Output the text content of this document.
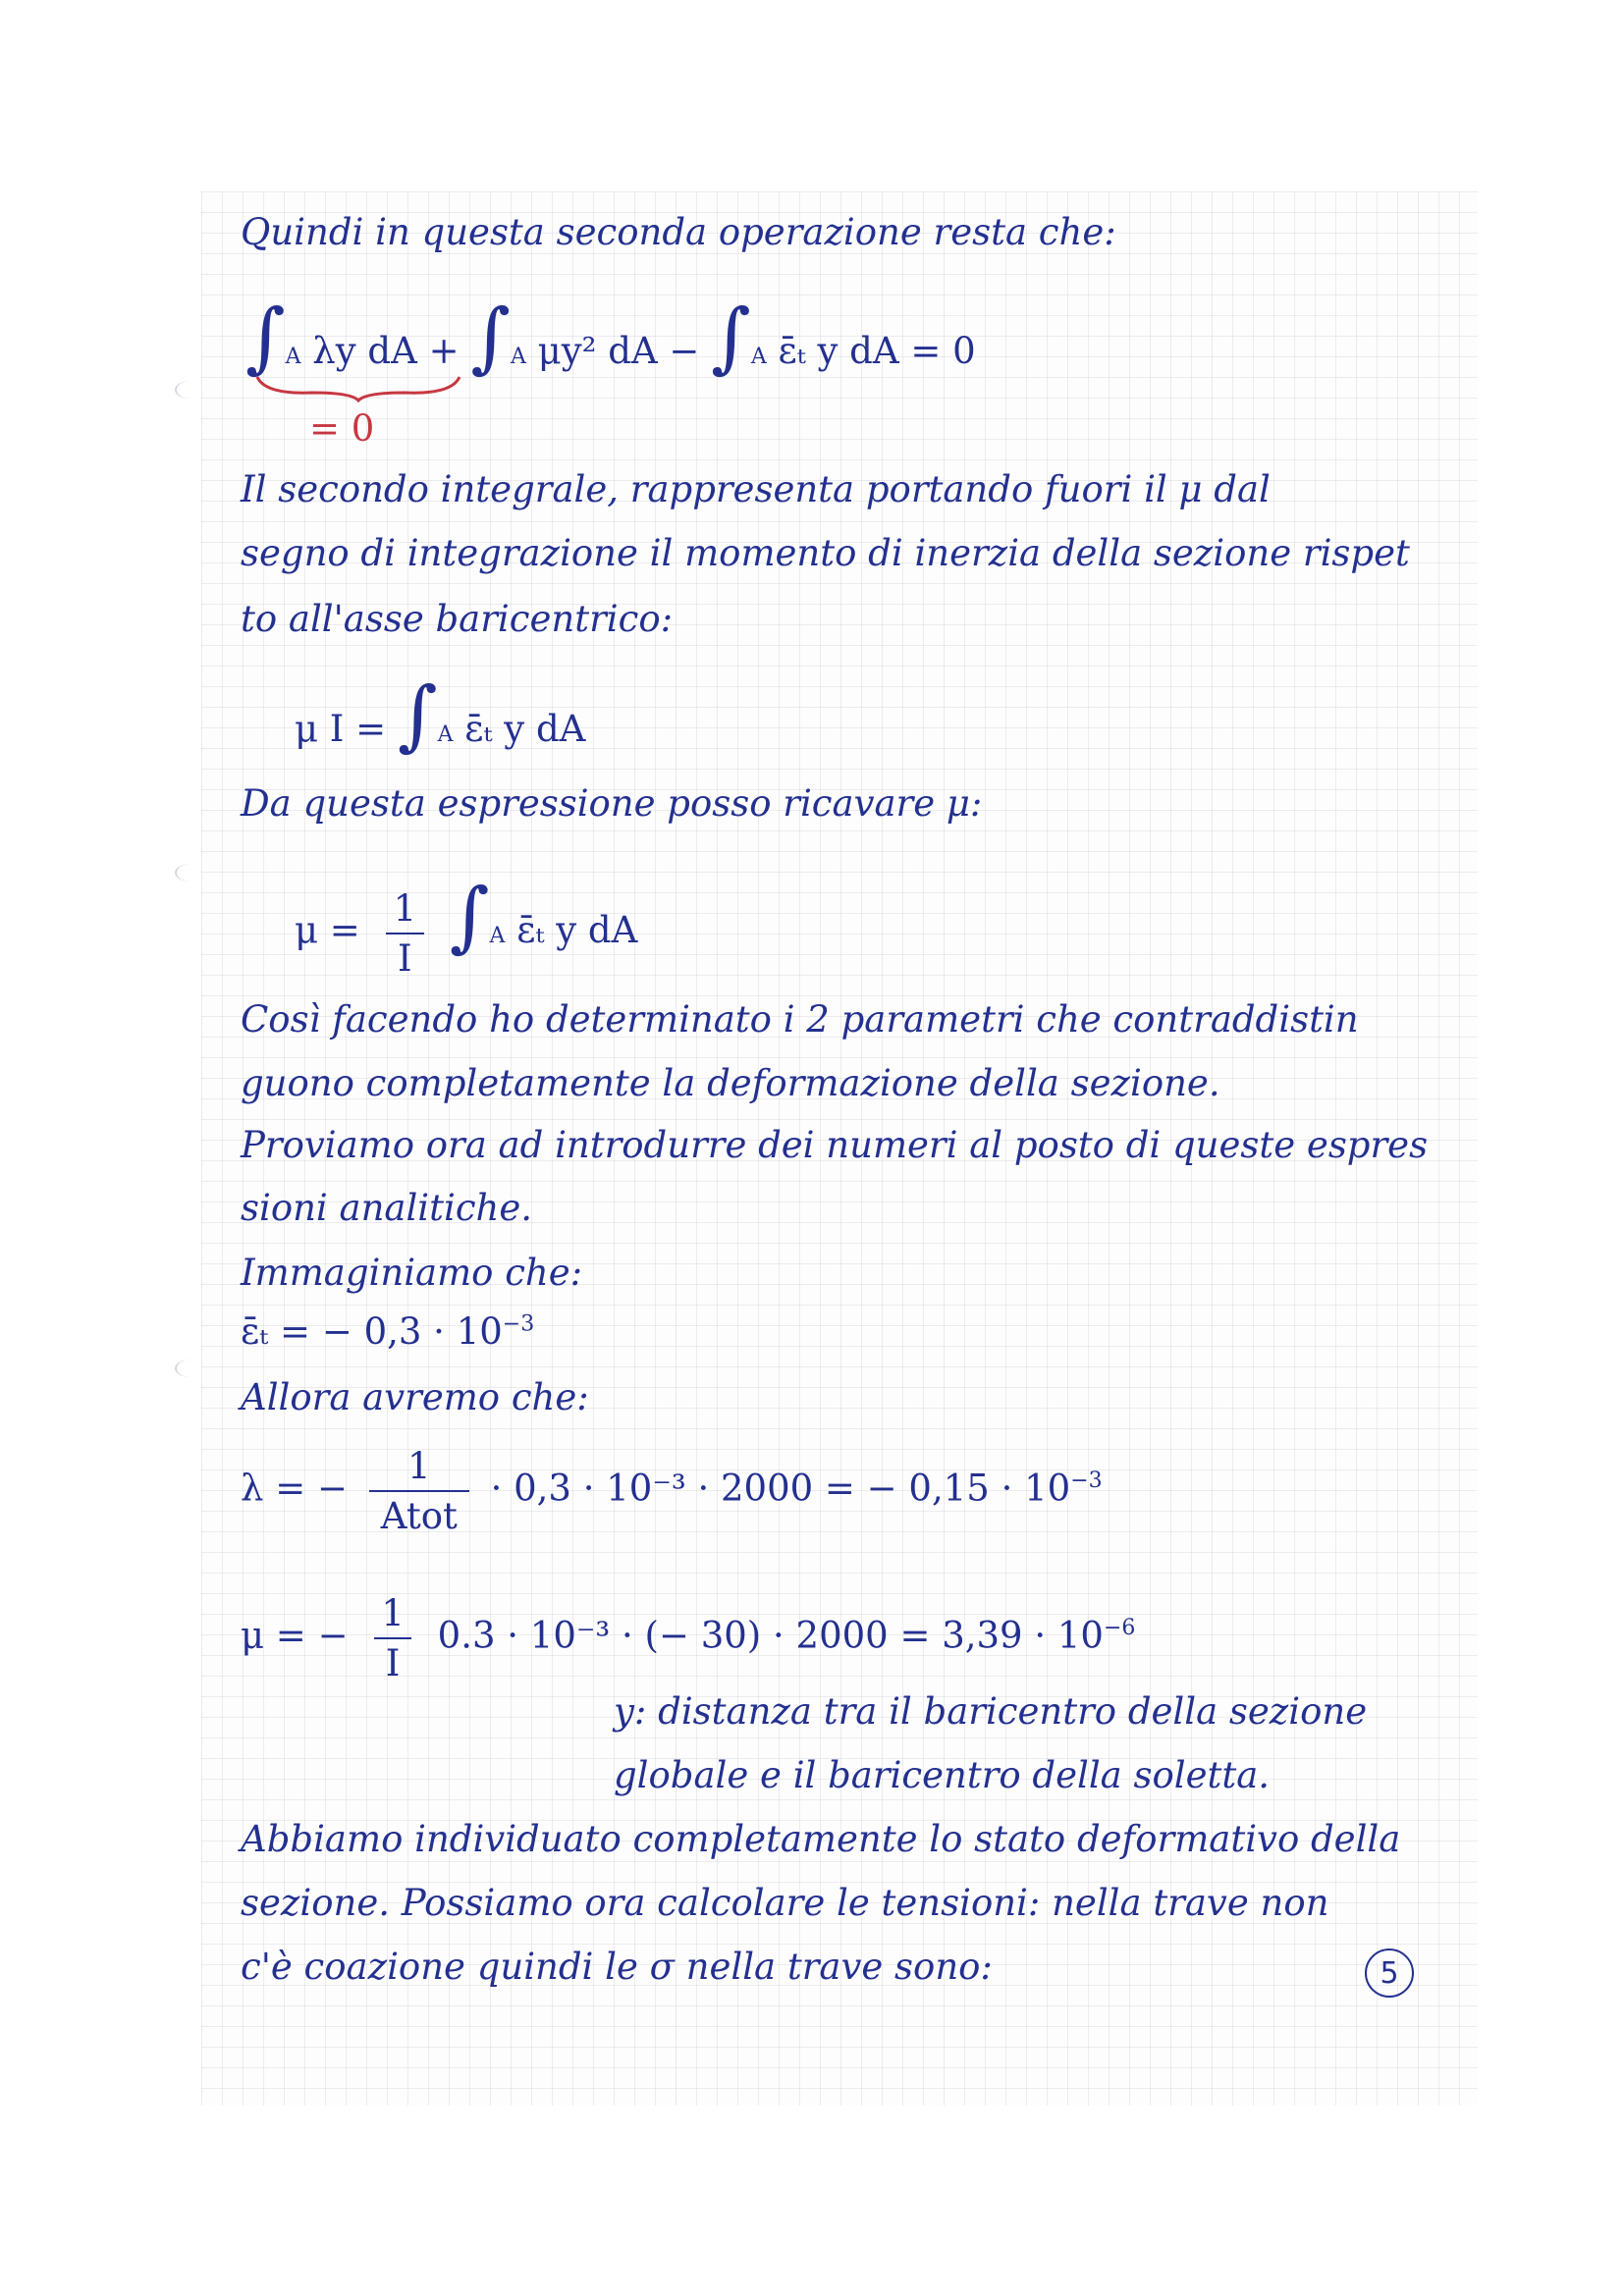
Quindi in questa seconda operazione resta che:
∫A λy dA + ∫A μy² dA − ∫A ε̄ₜ y dA = 0
= 0
Il secondo integrale, rappresenta portando fuori il μ dal
segno di integrazione il momento di inerzia della sezione rispet
to all'asse baricentrico:
μ I = ∫A ε̄ₜ y dA
Da questa espressione posso ricavare μ:
$\mu = \frac{1}{I} \int A$ ε̄ₜ y dA
Così facendo ho determinato i 2 parametri che contraddistin
guono completamente la deformazione della sezione.
Proviamo ora ad introdurre dei numeri al posto di queste espres
sioni analitiche.
Immaginiamo che:
ε̄ₜ = − $0,3 \cdot 10^{-3}$
Allora avremo che:
λ = − $\frac{1}{\text{Atot}} \cdot 0,3 \cdot 10^{-3} \cdot 2000$ = − $0,15 \cdot 10^{-3}$
μ = − $\frac{1}{I} 0.3 \cdot 10^{-3}$ · (− $30) \cdot 2000 = 3,39 \cdot 10^{-6}$
y: distanza tra il baricentro della sezione
globale e il baricentro della soletta.
Abbiamo individuato completamente lo stato deformativo della
sezione. Possiamo ora calcolare le tensioni: nella trave non
c'è coazione quindi le σ nella trave sono:	5
